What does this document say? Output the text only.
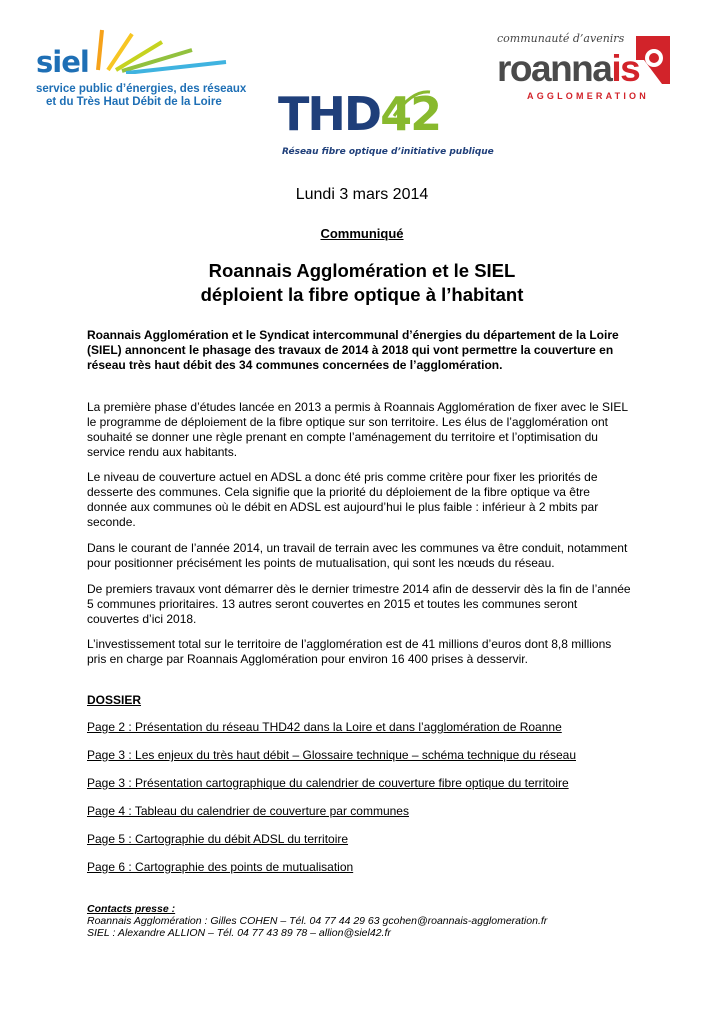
siel
service public d’énergies, des réseaux
et du Très Haut Débit de la Loire
communauté d’avenirs
roannais
AGGLOMERATION
THD42
Réseau fibre optique d’initiative publique
Lundi 3 mars 2014
Communiqué
Roannais Agglomération et le SIEL
déploient la fibre optique à l’habitant
Roannais Agglomération et le Syndicat intercommunal d’énergies du département de la Loire
(SIEL) annoncent le phasage des travaux de 2014 à 2018 qui vont permettre la couverture en
réseau très haut débit des 34 communes concernées de l’agglomération.
La première phase d’études lancée en 2013 a permis à Roannais Agglomération de fixer avec le SIEL
le programme de déploiement de la fibre optique sur son territoire. Les élus de l’agglomération ont
souhaité se donner une règle prenant en compte l’aménagement du territoire et l’optimisation du
service rendu aux habitants.
Le niveau de couverture actuel en ADSL a donc été pris comme critère pour fixer les priorités de
desserte des communes. Cela signifie que la priorité du déploiement de la fibre optique va être
donnée aux communes où le débit en ADSL est aujourd’hui le plus faible : inférieur à 2 mbits par
seconde.
Dans le courant de l’année 2014, un travail de terrain avec les communes va être conduit, notamment
pour positionner précisément les points de mutualisation, qui sont les nœuds du réseau.
De premiers travaux vont démarrer dès le dernier trimestre 2014 afin de desservir dès la fin de l’année
5 communes prioritaires. 13 autres seront couvertes en 2015 et toutes les communes seront
couvertes d’ici 2018.
L’investissement total sur le territoire de l’agglomération est de 41 millions d’euros dont 8,8 millions
pris en charge par Roannais Agglomération pour environ 16 400 prises à desservir.
DOSSIER
Page 2 : Présentation du réseau THD42 dans la Loire et dans l’agglomération de Roanne
Page 3 : Les enjeux du très haut débit – Glossaire technique – schéma technique du réseau
Page 3 : Présentation cartographique du calendrier de couverture fibre optique du territoire
Page 4 : Tableau du calendrier de couverture par communes
Page 5 : Cartographie du débit ADSL du territoire
Page 6 : Cartographie des points de mutualisation
Contacts presse :
Roannais Agglomération : Gilles COHEN – Tél. 04 77 44 29 63 gcohen@roannais-agglomeration.fr
SIEL : Alexandre ALLION – Tél. 04 77 43 89 78 – allion@siel42.fr
